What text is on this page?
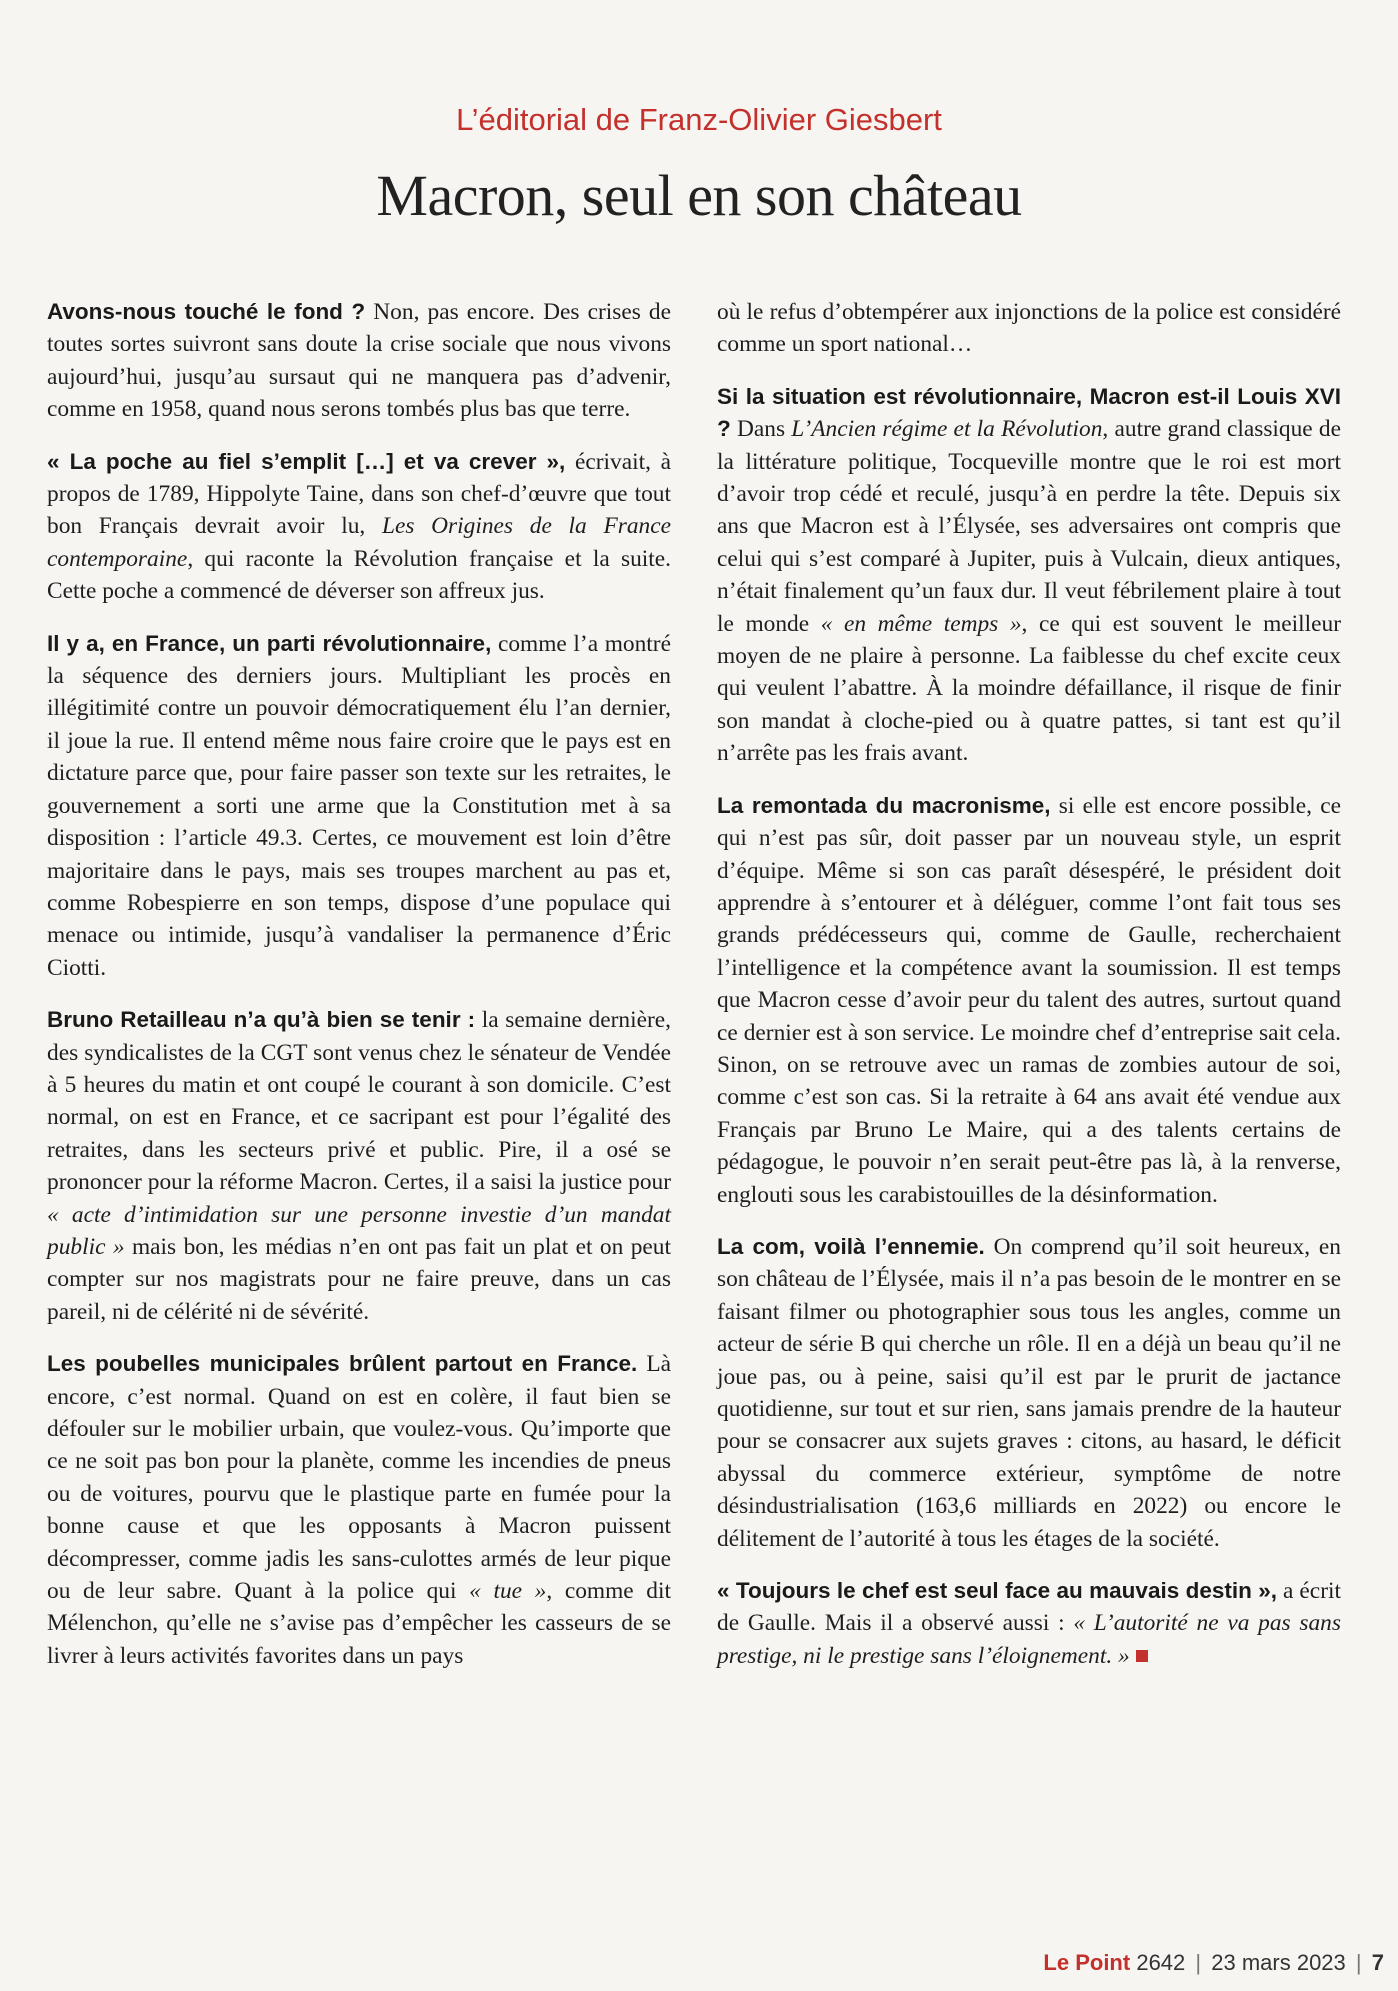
L’éditorial de Franz-Olivier Giesbert
Macron, seul en son château

Avons-nous touché le fond ? Non, pas encore. Des crises de toutes sortes suivront sans doute la crise sociale que nous vivons aujourd’hui, jusqu’au sursaut qui ne manquera pas d’advenir, comme en 1958, quand nous serons tombés plus bas que terre.

« La poche au fiel s’emplit […] et va crever », écrivait, à propos de 1789, Hippolyte Taine, dans son chef-d’œuvre que tout bon Français devrait avoir lu, Les Origines de la France contemporaine, qui raconte la Révolution française et la suite. Cette poche a commencé de déverser son affreux jus.

Il y a, en France, un parti révolutionnaire, comme l’a montré la séquence des derniers jours. Multipliant les procès en illégitimité contre un pouvoir démocratiquement élu l’an dernier, il joue la rue. Il entend même nous faire croire que le pays est en dictature parce que, pour faire passer son texte sur les retraites, le gouvernement a sorti une arme que la Constitution met à sa disposition : l’article 49.3. Certes, ce mouvement est loin d’être majoritaire dans le pays, mais ses troupes marchent au pas et, comme Robespierre en son temps, dispose d’une populace qui menace ou intimide, jusqu’à vandaliser la permanence d’Éric Ciotti.

Bruno Retailleau n’a qu’à bien se tenir : la semaine dernière, des syndicalistes de la CGT sont venus chez le sénateur de Vendée à 5 heures du matin et ont coupé le courant à son domicile. C’est normal, on est en France, et ce sacripant est pour l’égalité des retraites, dans les secteurs privé et public. Pire, il a osé se prononcer pour la réforme Macron. Certes, il a saisi la justice pour « acte d’intimidation sur une personne investie d’un mandat public » mais bon, les médias n’en ont pas fait un plat et on peut compter sur nos magistrats pour ne faire preuve, dans un cas pareil, ni de célérité ni de sévérité.

Les poubelles municipales brûlent partout en France. Là encore, c’est normal. Quand on est en colère, il faut bien se défouler sur le mobilier urbain, que voulez-vous. Qu’importe que ce ne soit pas bon pour la planète, comme les incendies de pneus ou de voitures, pourvu que le plastique parte en fumée pour la bonne cause et que les opposants à Macron puissent décompresser, comme jadis les sans-culottes armés de leur pique ou de leur sabre. Quant à la police qui « tue », comme dit Mélenchon, qu’elle ne s’avise pas d’empêcher les casseurs de se livrer à leurs activités favorites dans un pays

où le refus d’obtempérer aux injonctions de la police est considéré comme un sport national…

Si la situation est révolutionnaire, Macron est-il Louis XVI ? Dans L’Ancien régime et la Révolution, autre grand classique de la littérature politique, Tocqueville montre que le roi est mort d’avoir trop cédé et reculé, jusqu’à en perdre la tête. Depuis six ans que Macron est à l’Élysée, ses adversaires ont compris que celui qui s’est comparé à Jupiter, puis à Vulcain, dieux antiques, n’était finalement qu’un faux dur. Il veut fébrilement plaire à tout le monde « en même temps », ce qui est souvent le meilleur moyen de ne plaire à personne. La faiblesse du chef excite ceux qui veulent l’abattre. À la moindre défaillance, il risque de finir son mandat à cloche-pied ou à quatre pattes, si tant est qu’il n’arrête pas les frais avant.

La remontada du macronisme, si elle est encore possible, ce qui n’est pas sûr, doit passer par un nouveau style, un esprit d’équipe. Même si son cas paraît désespéré, le président doit apprendre à s’entourer et à déléguer, comme l’ont fait tous ses grands prédécesseurs qui, comme de Gaulle, recherchaient l’intelligence et la compétence avant la soumission. Il est temps que Macron cesse d’avoir peur du talent des autres, surtout quand ce dernier est à son service. Le moindre chef d’entreprise sait cela. Sinon, on se retrouve avec un ramas de zombies autour de soi, comme c’est son cas. Si la retraite à 64 ans avait été vendue aux Français par Bruno Le Maire, qui a des talents certains de pédagogue, le pouvoir n’en serait peut-être pas là, à la renverse, englouti sous les carabistouilles de la désinformation.

La com, voilà l’ennemie. On comprend qu’il soit heureux, en son château de l’Élysée, mais il n’a pas besoin de le montrer en se faisant filmer ou photographier sous tous les angles, comme un acteur de série B qui cherche un rôle. Il en a déjà un beau qu’il ne joue pas, ou à peine, saisi qu’il est par le prurit de jactance quotidienne, sur tout et sur rien, sans jamais prendre de la hauteur pour se consacrer aux sujets graves : citons, au hasard, le déficit abyssal du commerce extérieur, symptôme de notre désindustrialisation (163,6 milliards en 2022) ou encore le délitement de l’autorité à tous les étages de la société.

« Toujours le chef est seul face au mauvais destin », a écrit de Gaulle. Mais il a observé aussi : « L’autorité ne va pas sans prestige, ni le prestige sans l’éloignement. »

Le Point 2642 | 23 mars 2023 | 7
